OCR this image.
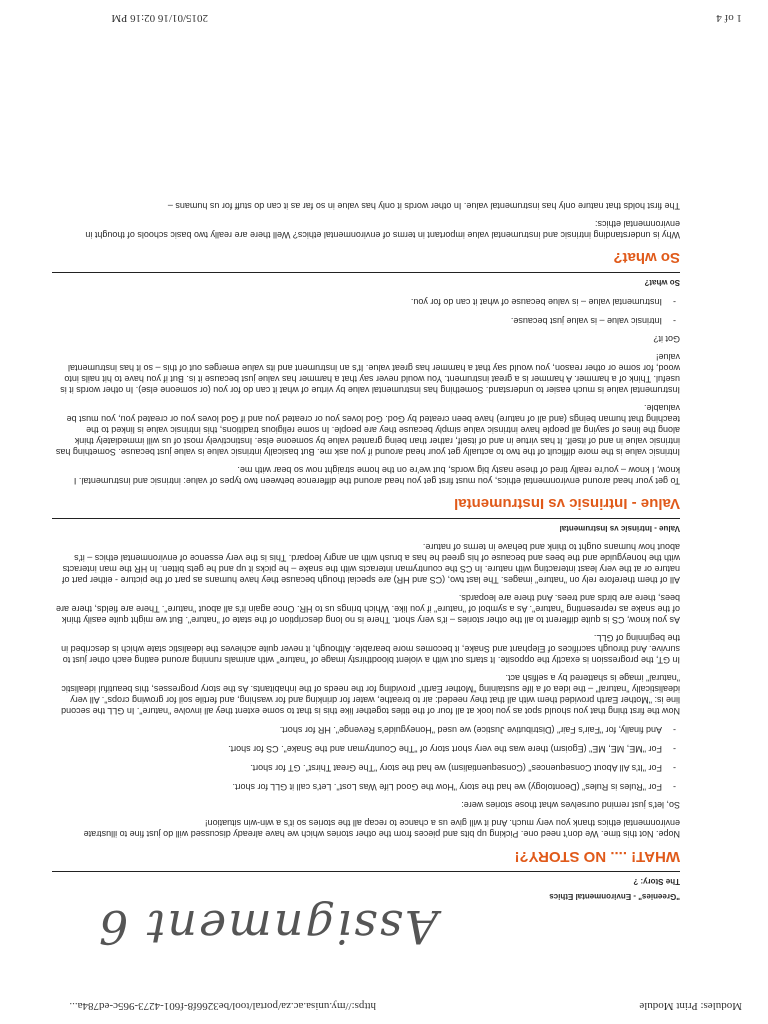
Modules: Print Module
https://my.unisa.ac.za/portal/tool/be3266f8-f601-4273-965c-ed784a...
1 of 4
2015/01/16 02:16 PM
Assignment 6
"Greenies" - Environmental Ethics
The Story: ?
WHAT! .... NO STORY?!

Nope. Not this time. We don't need one. Picking up bits and pieces from the other stories which we have already discussed will do just fine to illustrate environmental ethics thank you very much. And it will give us a chance to recap all the stories so it's a win-win situation!

So, let's just remind ourselves what those stories were:

- For "Rules is Rules" (Deontology) we had the story "How the Good Life Was Lost". Let's call it GLL for short.
- For "It's All About Consequences" (Consequentialism) we had the story "The Great Thirst". GT for short.
- For "ME, ME, ME" (Egoism) there was the very short story of "The Countryman and the Snake". CS for short.
- And finally, for "Fair's Fair" (Distributive Justice) we used "Honeyguide's Revenge". HR for short.

Now the first thing that you should spot as you look at all four of the titles together like this is that to some extent they all involve "nature". In GLL the second line is: "Mother Earth provided them with all that they needed: air to breathe, water for drinking and for washing, and fertile soil for growing crops". All very idealistically "natural" – the idea of a life sustaining "Mother Earth" providing for the needs of the inhabitants. As the story progresses, this beautiful idealistic "natural" image is shattered by a selfish act.

In GT, the progression is exactly the opposite. It starts out with a violent bloodthirsty image of "nature" with animals running around eating each other just to survive. And through sacrifices of Elephant and Snake, it becomes more bearable. Although, it never quite achieves the idealistic state which is described in the beginning of GLL.

As you know, CS is quite different to all the other stories – it's very short. There is no long description of the state of "nature". But we might quite easily think of the snake as representing "nature". As a symbol of "nature" if you like. Which brings us to HR. Once again it's all about "nature". There are fields, there are bees, there are birds and trees. And there are leopards.

All of them therefore rely on "nature" images. The last two, (CS and HR) are special though because they have humans as part of the picture - either part of nature or at the very least interacting with nature. In CS the countryman interacts with the snake – he picks it up and he gets bitten. In HR the man interacts with the honeyguide and the bees and because of his greed he has a brush with an angry leopard. This is the very essence of environmental ethics – it's about how humans ought to think and behave in terms of nature.

Value - Intrinsic vs Instrumental
Value - Intrinsic vs Instrumental

To get your head around environmental ethics, you must first get you head around the difference between two types of value: intrinsic and instrumental. I know, I know – you're really tired of these nasty big words, but we're on the home straight now so bear with me.

Intrinsic value is the more difficult of the two to actually get your head around if you ask me. But basically intrinsic value is value just because. Something has intrinsic value in and of itself. It has virtue in and of itself, rather than being granted value by someone else. Instinctively most of us will immediately think along the lines of saying all people have intrinsic value simply because they are people. In some religious traditions, this intrinsic value is linked to the teaching that human beings (and all of nature) have been created by God. God loves you or created you and if God loves you or created you, you must be valuable.

Instrumental value is much easier to understand. Something has instrumental value by virtue of what it can do for you (or someone else). In other words it is useful. Think of a hammer. A hammer is a great instrument. You would never say that a hammer has value just because it is. But if you have to hit nails into wood, for some or other reason, you would say that a hammer has great value. It's an instrument and its value emerges out of this – so it has instrumental value!

Got it?

- Intrinsic value – is value just because.
- Instrumental value – is value because of what it can do for you.
So what?
So what?

Why is understanding intrinsic and instrumental value important in terms of environmental ethics? Well there are really two basic schools of thought in environmental ethics:

The first holds that nature only has instrumental value. In other words it only has value in so far as it can do stuff for us humans –
